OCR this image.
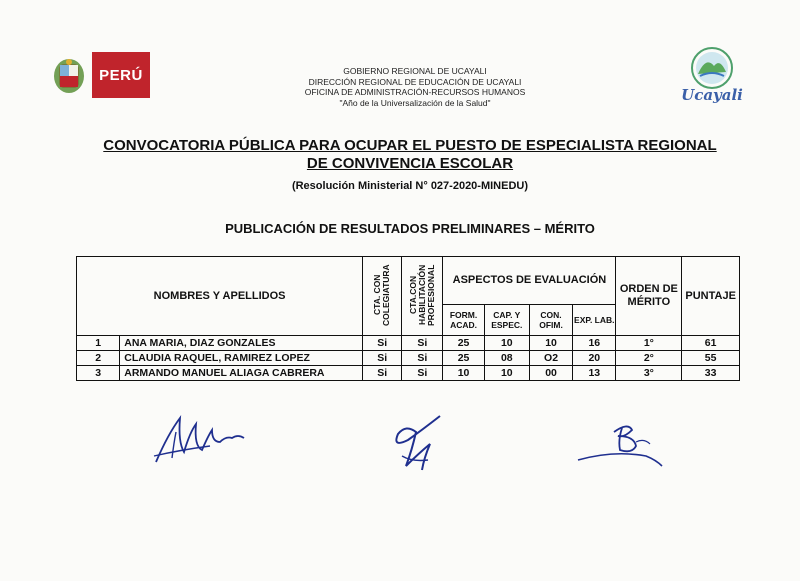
PERÚ
Ucayali
GOBIERNO REGIONAL DE UCAYALI
DIRECCIÓN REGIONAL DE EDUCACIÓN DE UCAYALI
OFICINA DE ADMINISTRACIÓN-RECURSOS HUMANOS
"Año de la Universalización de la Salud"
CONVOCATORIA PÚBLICA PARA OCUPAR EL PUESTO DE ESPECIALISTA REGIONAL
DE CONVIVENCIA ESCOLAR
(Resolución Ministerial N° 027-2020-MINEDU)
PUBLICACIÓN DE RESULTADOS PRELIMINARES – MÉRITO
NOMBRES Y APELLIDOS		CTA. CON COLEGIATURA	CTA.CON HABILITACIÓN PROFESIONAL	ASPECTOS DE EVALUACIÓN				ORDEN DE MÉRITO	PUNTAJE
				FORM. ACAD.	CAP. Y ESPEC.	CON. OFIM.	EXP. LAB.		
1	ANA MARIA, DIAZ GONZALES	Si	Si	25	10	10	16	1°	61
2	CLAUDIA RAQUEL, RAMIREZ LOPEZ	Si	Si	25	08	O2	20	2°	55
3	ARMANDO MANUEL ALIAGA CABRERA	Si	Si	10	10	00	13	3°	33
